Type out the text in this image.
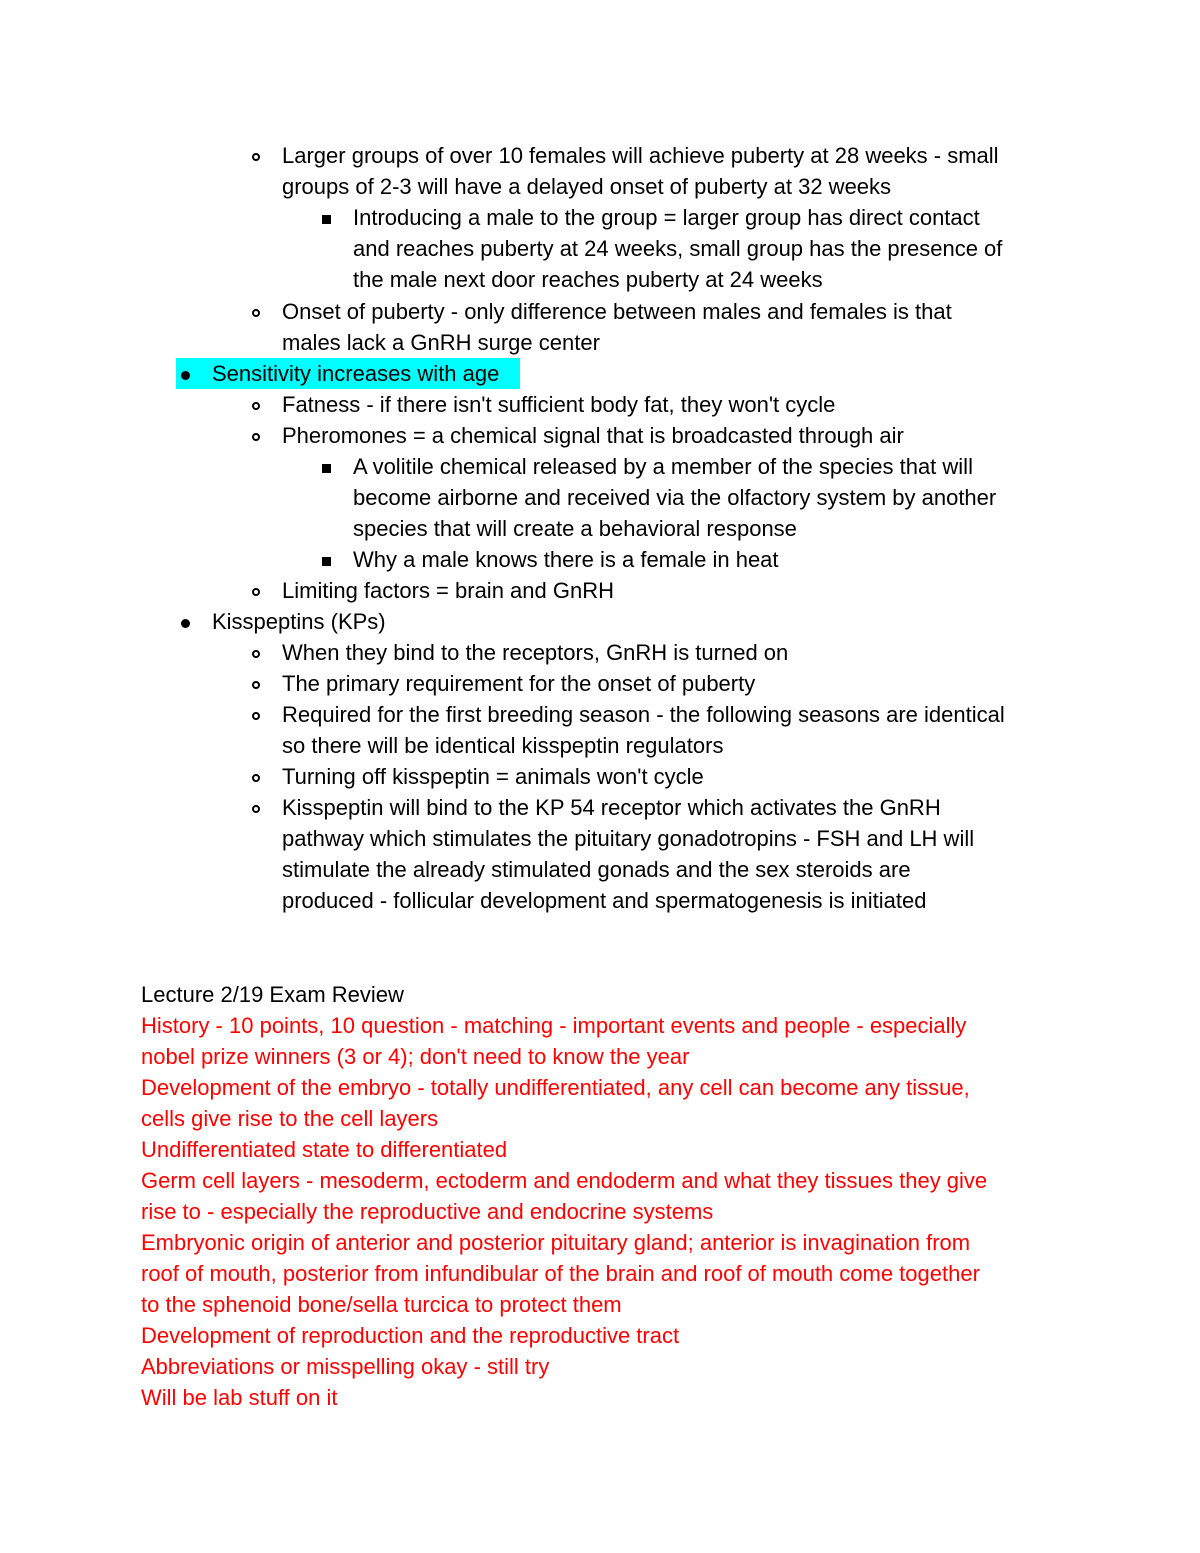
Larger groups of over 10 females will achieve puberty at 28 weeks - small
groups of 2-3 will have a delayed onset of puberty at 32 weeks
Introducing a male to the group = larger group has direct contact
and reaches puberty at 24 weeks, small group has the presence of
the male next door reaches puberty at 24 weeks
Onset of puberty - only difference between males and females is that
males lack a GnRH surge center
Sensitivity increases with age
Fatness - if there isn't sufficient body fat, they won't cycle
Pheromones = a chemical signal that is broadcasted through air
A volitile chemical released by a member of the species that will
become airborne and received via the olfactory system by another
species that will create a behavioral response
Why a male knows there is a female in heat
Limiting factors = brain and GnRH
Kisspeptins (KPs)
When they bind to the receptors, GnRH is turned on
The primary requirement for the onset of puberty
Required for the first breeding season - the following seasons are identical
so there will be identical kisspeptin regulators
Turning off kisspeptin = animals won't cycle
Kisspeptin will bind to the KP 54 receptor which activates the GnRH
pathway which stimulates the pituitary gonadotropins - FSH and LH will
stimulate the already stimulated gonads and the sex steroids are
produced - follicular development and spermatogenesis is initiated
Lecture 2/19 Exam Review
History - 10 points, 10 question - matching - important events and people - especially
nobel prize winners (3 or 4); don't need to know the year
Development of the embryo - totally undifferentiated, any cell can become any tissue,
cells give rise to the cell layers
Undifferentiated state to differentiated
Germ cell layers - mesoderm, ectoderm and endoderm and what they tissues they give
rise to - especially the reproductive and endocrine systems
Embryonic origin of anterior and posterior pituitary gland; anterior is invagination from
roof of mouth, posterior from infundibular of the brain and roof of mouth come together
to the sphenoid bone/sella turcica to protect them
Development of reproduction and the reproductive tract
Abbreviations or misspelling okay - still try
Will be lab stuff on it
